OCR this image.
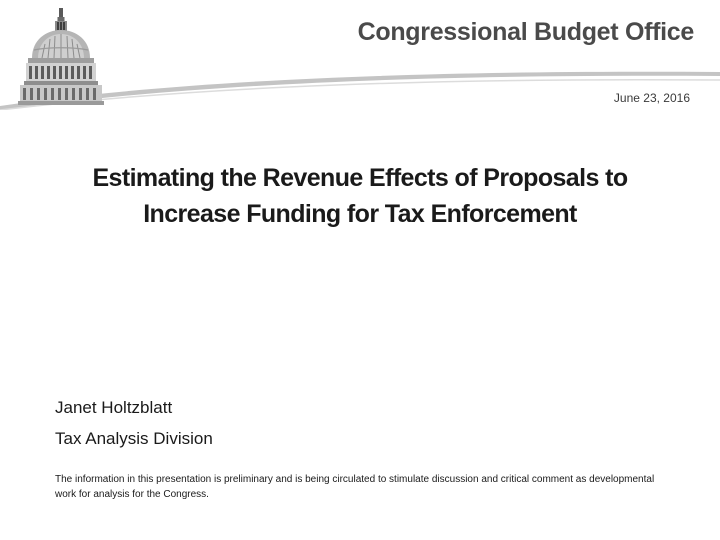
Congressional Budget Office
June 23, 2016
Estimating the Revenue Effects of Proposals to
Increase Funding for Tax Enforcement
Janet Holtzblatt
Tax Analysis Division
The information in this presentation is preliminary and is being circulated to stimulate discussion and critical comment as developmental work for analysis for the Congress.
